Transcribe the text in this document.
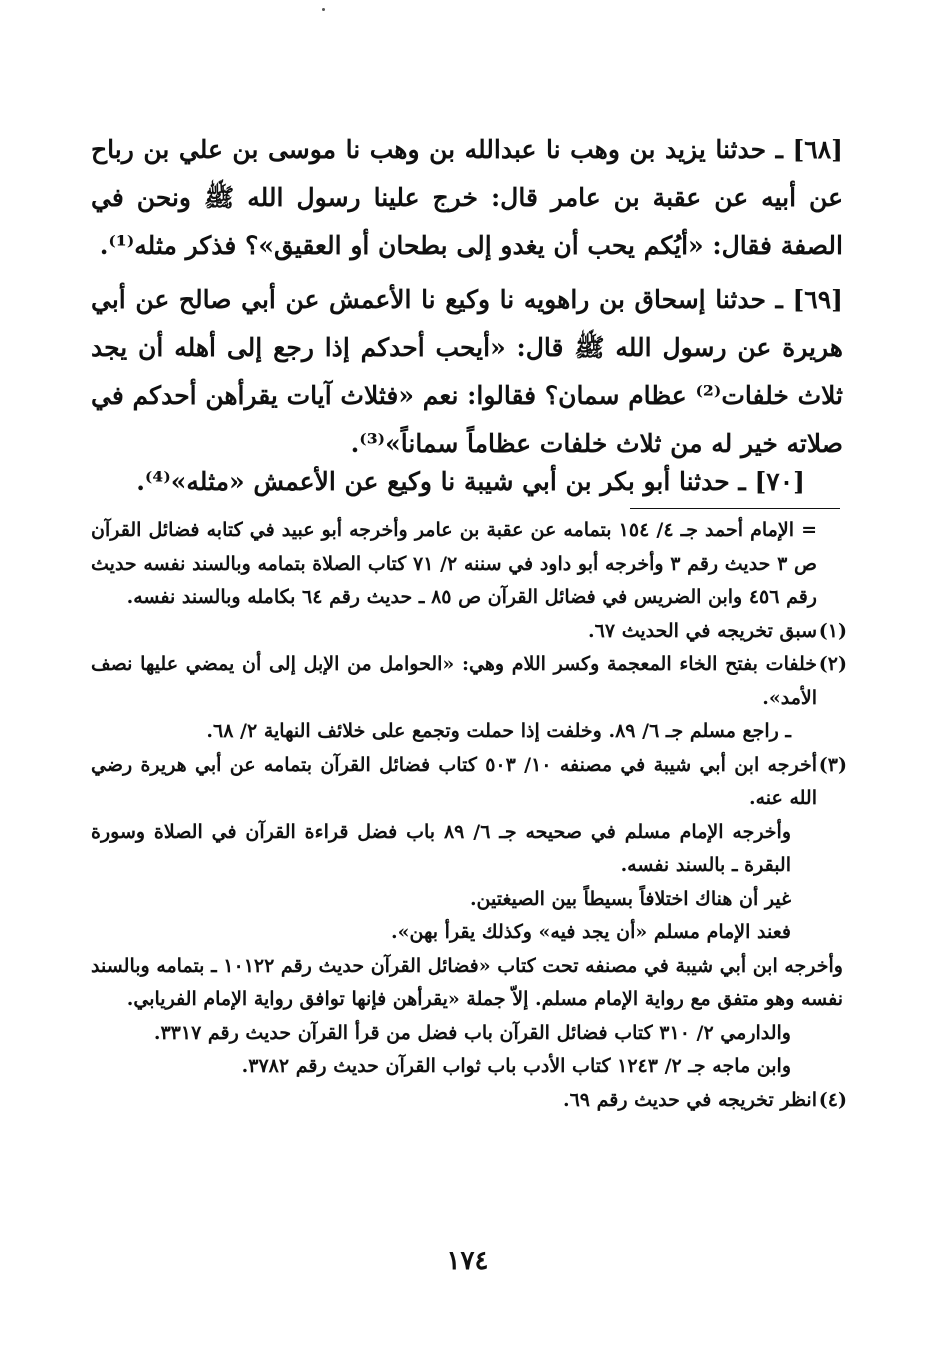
[٦٨] ـ حدثنا يزيد بن وهب نا عبدالله بن وهب نا موسى بن علي بن رباح عن أبيه عن عقبة بن عامر قال: خرج علينا رسول الله ﷺ ونحن في الصفة فقال: «أيُكم يحب أن يغدو إلى بطحان أو العقيق»؟ فذكر مثله⁽¹⁾.

[٦٩] ـ حدثنا إسحاق بن راهويه نا وكيع نا الأعمش عن أبي صالح عن أبي هريرة عن رسول الله ﷺ قال: «أيحب أحدكم إذا رجع إلى أهله أن يجد ثلاث خلفات⁽²⁾ عظام سمان؟ فقالوا: نعم «فثلاث آيات يقرأهن أحدكم في صلاته خير له من ثلاث خلفات عظاماً سماناً»⁽³⁾.

[٧٠] ـ حدثنا أبو بكر بن أبي شيبة نا وكيع عن الأعمش «مثله»⁽⁴⁾.

= الإمام أحمد جـ ٤/ ١٥٤ بتمامه عن عقبة بن عامر وأخرجه أبو عبيد في كتابه فضائل القرآن ص ٣ حديث رقم ٣ وأخرجه أبو داود في سننه ٢/ ٧١ كتاب الصلاة بتمامه وبالسند نفسه حديث رقم ٤٥٦ وابن الضريس في فضائل القرآن ص ٨٥ ـ حديث رقم ٦٤ بكامله وبالسند نفسه.
(١)
سبق تخريجه في الحديث ٦٧.
(٢)
خلفات بفتح الخاء المعجمة وكسر اللام وهي: «الحوامل من الإبل إلى أن يمضي عليها نصف الأمد».
ـ راجع مسلم جـ ٦/ ٨٩. وخلفت إذا حملت وتجمع على خلائف النهاية ٢/ ٦٨.
(٣)
أخرجه ابن أبي شيبة في مصنفه ١٠/ ٥٠٣ كتاب فضائل القرآن بتمامه عن أبي هريرة رضي الله عنه.
وأخرجه الإمام مسلم في صحيحه جـ ٦/ ٨٩ باب فضل قراءة القرآن في الصلاة وسورة البقرة ـ بالسند نفسه.
غير أن هناك اختلافاً بسيطاً بين الصيغتين.
فعند الإمام مسلم «أن يجد فيه» وكذلك يقرأ بهن».
وأخرجه ابن أبي شيبة في مصنفه تحت كتاب «فضائل القرآن حديث رقم ١٠١٢٢ ـ بتمامه وبالسند نفسه وهو متفق مع رواية الإمام مسلم. إلاّ جملة «يقرأهن فإنها توافق رواية الإمام الفريابي.
والدارمي ٢/ ٣١٠ كتاب فضائل القرآن باب فضل من قرأ القرآن حديث رقم ٣٣١٧.
وابن ماجه جـ ٢/ ١٢٤٣ كتاب الأدب باب ثواب القرآن حديث رقم ٣٧٨٢.
(٤)
انظر تخريجه في حديث رقم ٦٩.
١٧٤
